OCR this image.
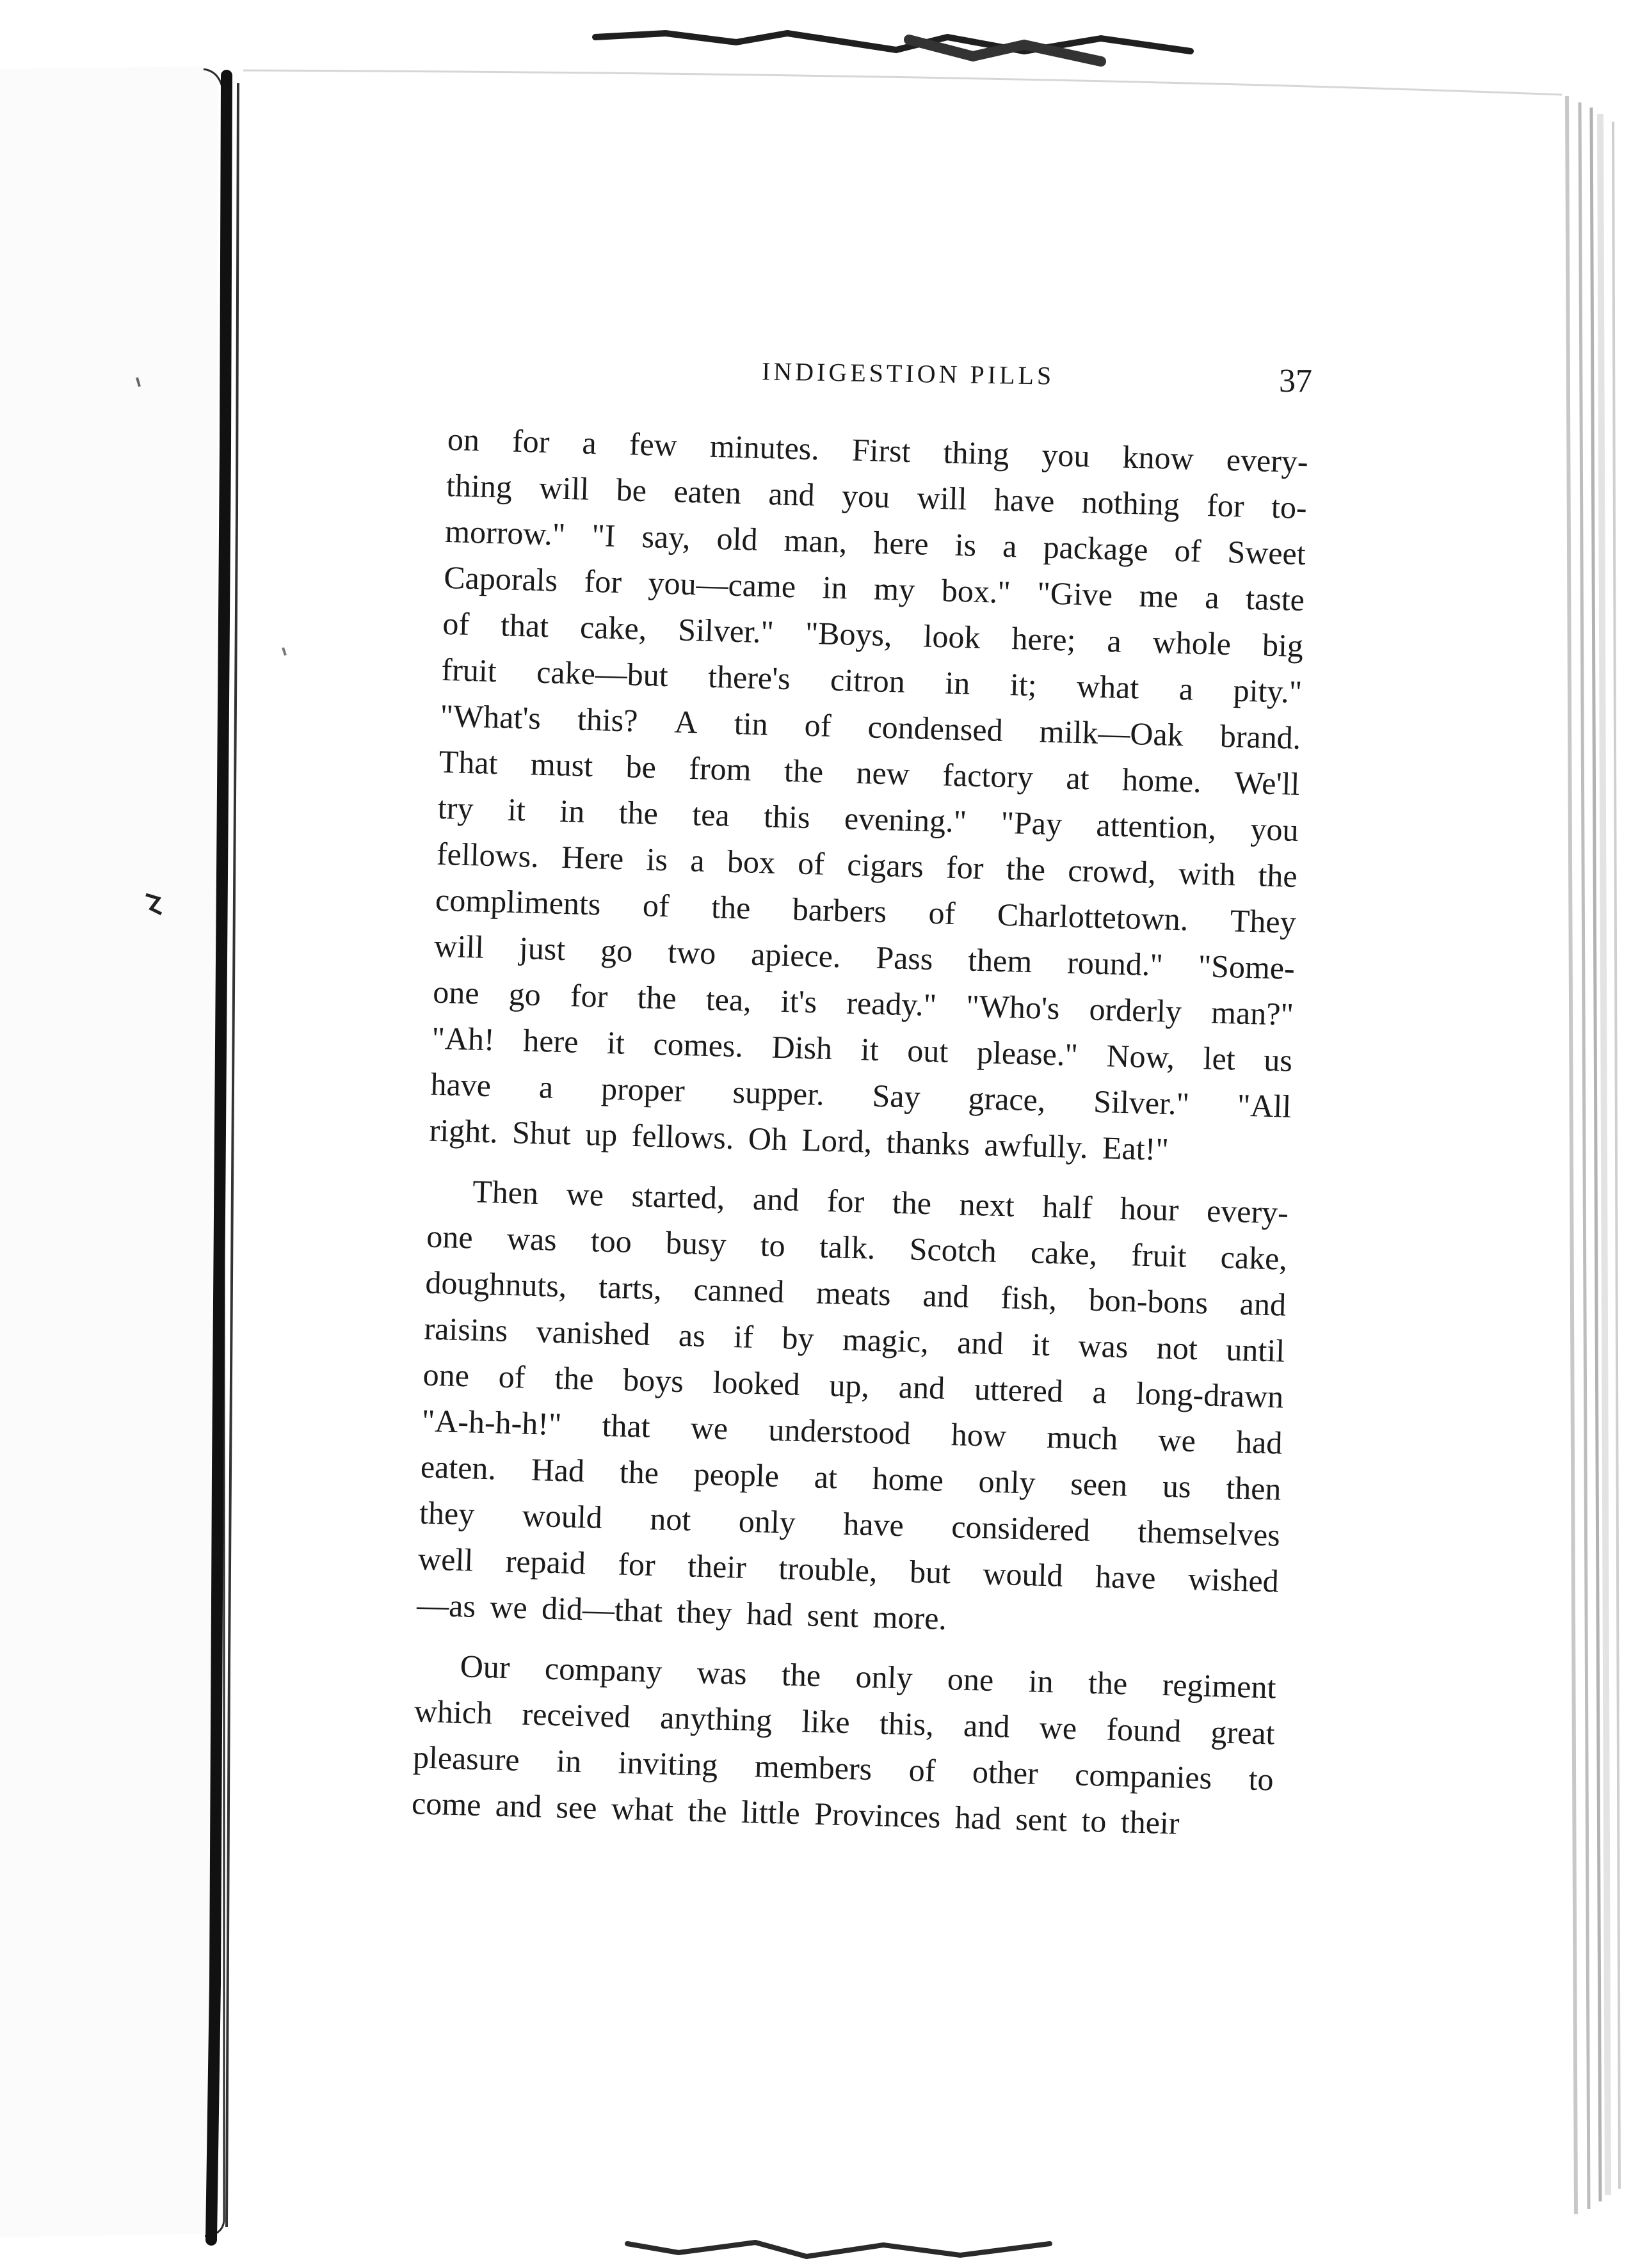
INDIGESTION PILLS	37
on for a few minutes. First thing you know every-
thing will be eaten and you will have nothing for to-
morrow." "I say, old man, here is a package of Sweet
Caporals for you—came in my box." "Give me a taste
of that cake, Silver." "Boys, look here; a whole big
fruit cake—but there's citron in it; what a pity."
"What's this? A tin of condensed milk—Oak brand.
That must be from the new factory at home. We'll
try it in the tea this evening." "Pay attention, you
fellows. Here is a box of cigars for the crowd, with the
compliments of the barbers of Charlottetown. They
will just go two apiece. Pass them round." "Some-
one go for the tea, it's ready." "Who's orderly man?"
"Ah! here it comes. Dish it out please." Now, let us
have a proper supper. Say grace, Silver." "All
right. Shut up fellows. Oh Lord, thanks awfully. Eat!"
Then we started, and for the next half hour every-
one was too busy to talk. Scotch cake, fruit cake,
doughnuts, tarts, canned meats and fish, bon-bons and
raisins vanished as if by magic, and it was not until
one of the boys looked up, and uttered a long-drawn
"A-h-h-h!" that we understood how much we had
eaten. Had the people at home only seen us then
they would not only have considered themselves
well repaid for their trouble, but would have wished
—as we did—that they had sent more.
Our company was the only one in the regiment
which received anything like this, and we found great
pleasure in inviting members of other companies to
come and see what the little Provinces had sent to their
